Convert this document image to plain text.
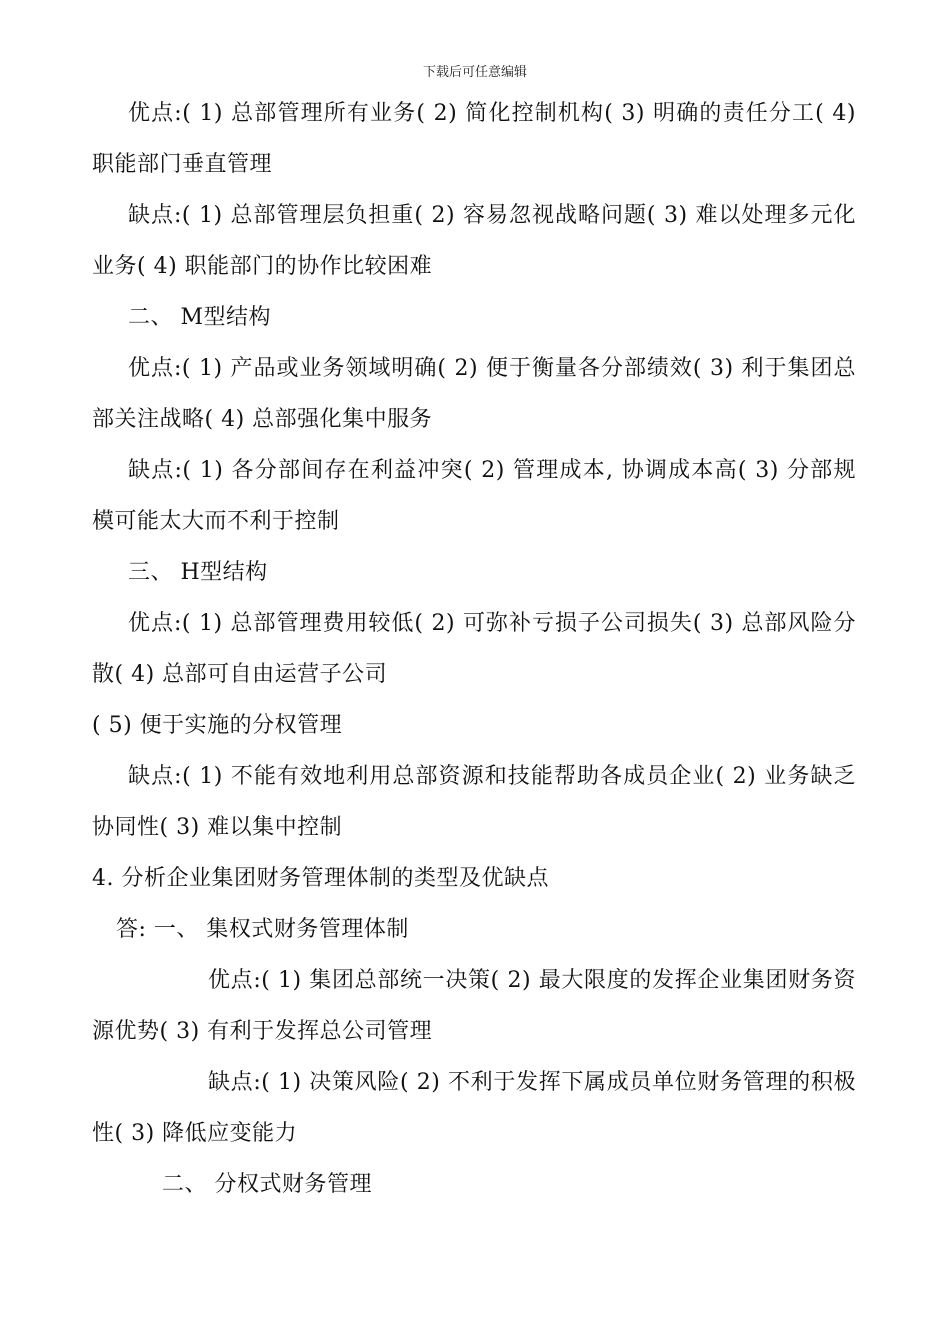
下载后可任意编辑

优点:( 1) 总部管理所有业务( 2) 简化控制机构( 3) 明确的责任分工( 4) 职能部门垂直管理

缺点:( 1) 总部管理层负担重( 2) 容易忽视战略问题( 3) 难以处理多元化业务( 4) 职能部门的协作比较困难

二、 M型结构

优点:( 1) 产品或业务领域明确( 2) 便于衡量各分部绩效( 3) 利于集团总部关注战略( 4) 总部强化集中服务

缺点:( 1) 各分部间存在利益冲突( 2) 管理成本, 协调成本高( 3) 分部规模可能太大而不利于控制

三、 H型结构

优点:( 1) 总部管理费用较低( 2) 可弥补亏损子公司损失( 3) 总部风险分散( 4) 总部可自由运营子公司

( 5) 便于实施的分权管理

缺点:( 1) 不能有效地利用总部资源和技能帮助各成员企业( 2) 业务缺乏协同性( 3) 难以集中控制

4. 分析企业集团财务管理体制的类型及优缺点

答: 一、 集权式财务管理体制

优点:( 1) 集团总部统一决策( 2) 最大限度的发挥企业集团财务资源优势( 3) 有利于发挥总公司管理

缺点:( 1) 决策风险( 2) 不利于发挥下属成员单位财务管理的积极性( 3) 降低应变能力

二、 分权式财务管理
